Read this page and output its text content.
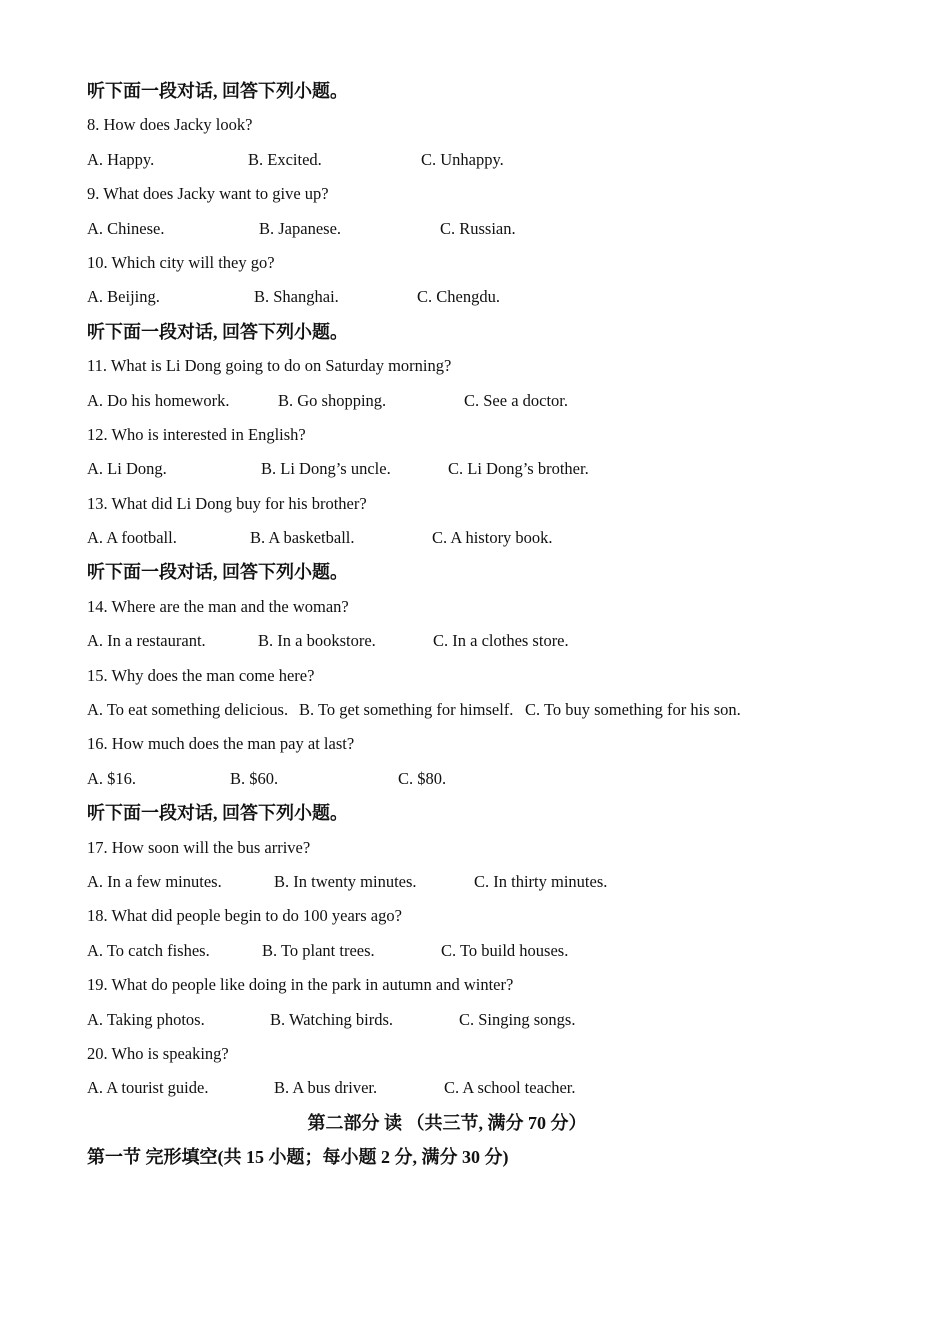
听下面一段对话, 回答下列小题。
8. How does Jacky look?
A. Happy.	B. Excited.	C. Unhappy.
9. What does Jacky want to give up?
A. Chinese.	B. Japanese.	C. Russian.
10. Which city will they go?
A. Beijing.	B. Shanghai.	C. Chengdu.
听下面一段对话, 回答下列小题。
11. What is Li Dong going to do on Saturday morning?
A. Do his homework.	B. Go shopping.	C. See a doctor.
12. Who is interested in English?
A. Li Dong.	B. Li Dong’s uncle.	C. Li Dong’s brother.
13. What did Li Dong buy for his brother?
A. A football.	B. A basketball.	C. A history book.
听下面一段对话, 回答下列小题。
14. Where are the man and the woman?
A. In a restaurant.	B. In a bookstore.	C. In a clothes store.
15. Why does the man come here?
A. To eat something delicious. B. To get something for himself. C. To buy something for his son.
16. How much does the man pay at last?
A. $16.	B. $60.	C. $80.
听下面一段对话, 回答下列小题。
17. How soon will the bus arrive?
A. In a few minutes.	B. In twenty minutes.	C. In thirty minutes.
18. What did people begin to do 100 years ago?
A. To catch fishes.	B. To plant trees.	C. To build houses.
19. What do people like doing in the park in autumn and winter?
A. Taking photos.	B. Watching birds.	C. Singing songs.
20. Who is speaking?
A. A tourist guide.	B. A bus driver.	C. A school teacher.
第二部分 读 （共三节, 满分 70 分）
第一节 完形填空(共 15 小题；每小题 2 分, 满分 30 分)
